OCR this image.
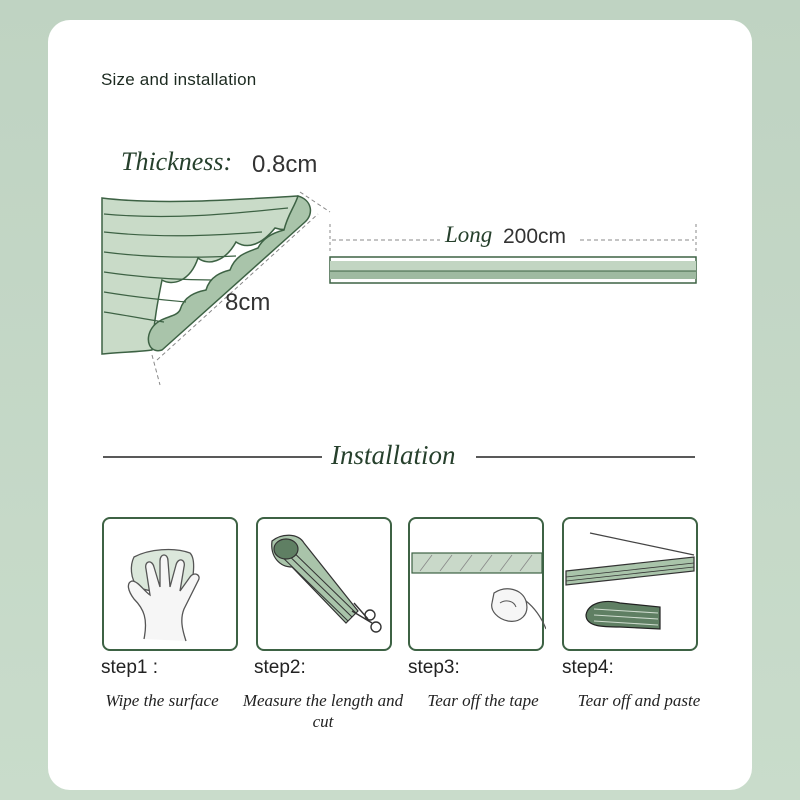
Size and installation
Thickness: 0.8cm
8cm
Long 200cm
Installation
step1 :
Wipe the surface
step2:
Measure the length and cut
step3:
Tear off the tape
step4:
Tear off and paste
